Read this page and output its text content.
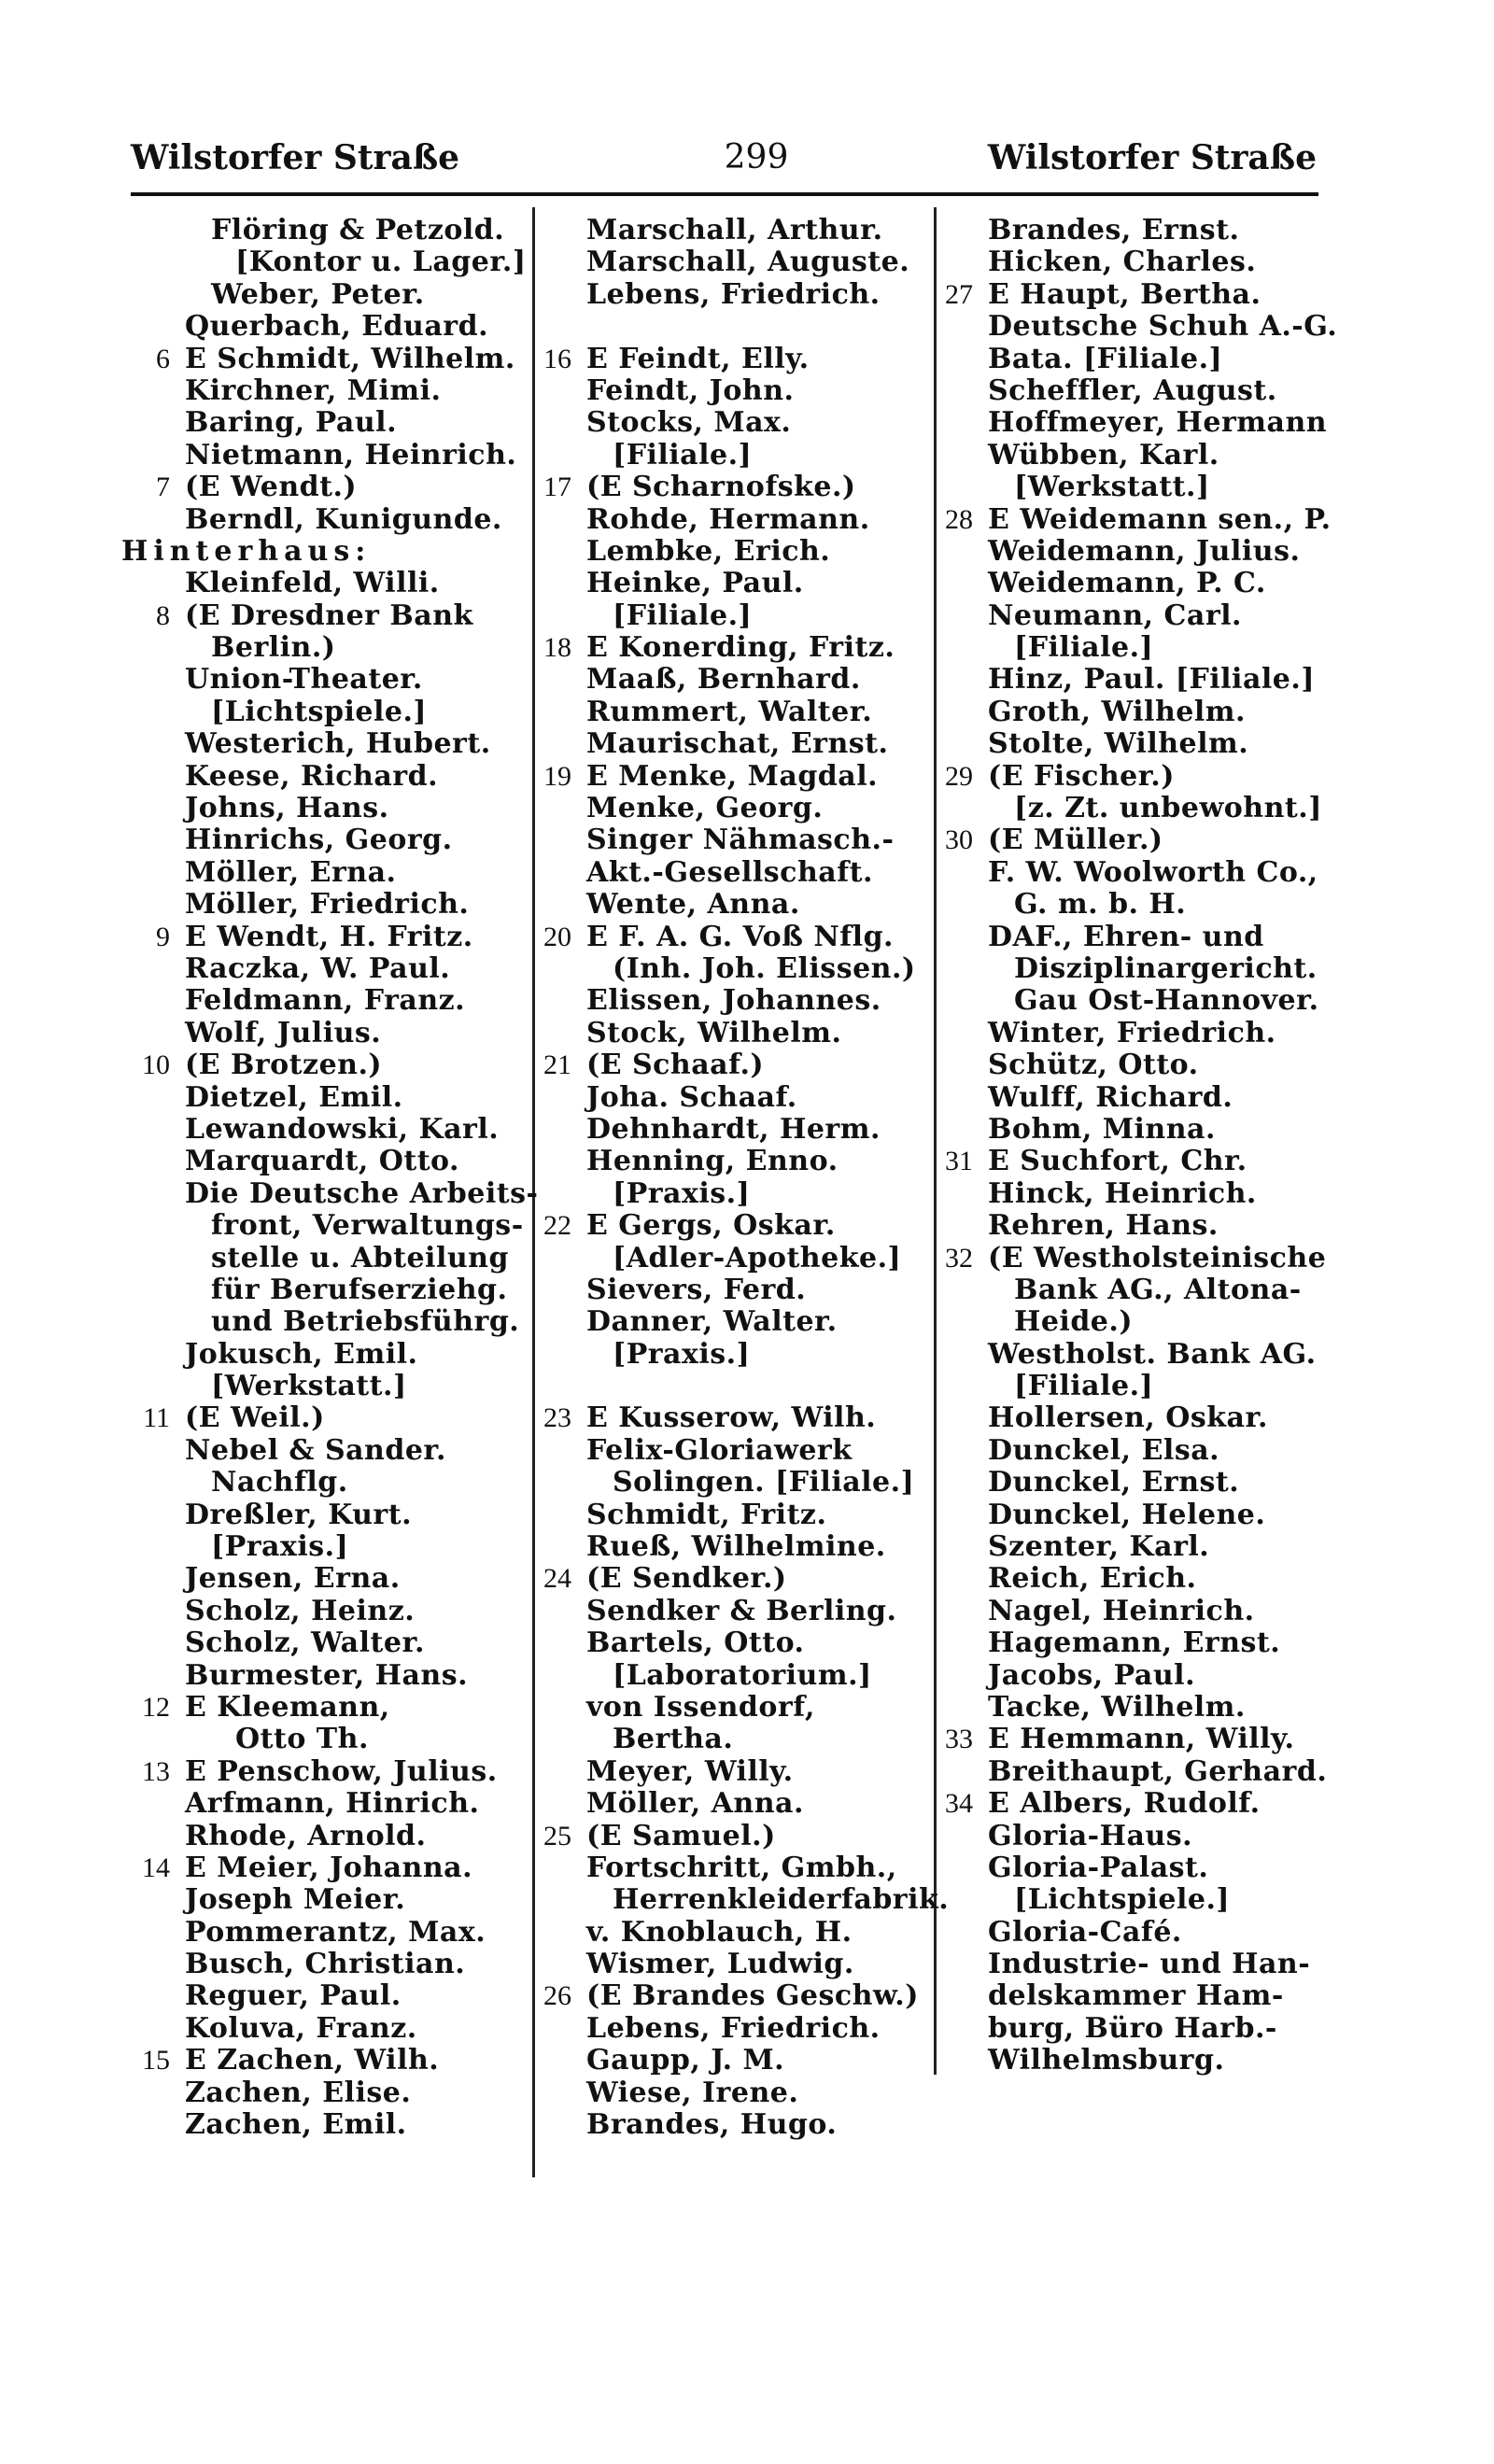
Wilstorfer Straße	299	Wilstorfer Straße
Flöring & Petzold.
[Kontor u. Lager.]
Weber, Peter.
Querbach, Eduard.
6 E Schmidt, Wilhelm.
Kirchner, Mimi.
Baring, Paul.
Nietmann, Heinrich.
7 (E Wendt.)
Berndl, Kunigunde.
Hinterhaus:
Kleinfeld, Willi.
8 (E Dresdner Bank
Berlin.)
Union-Theater.
[Lichtspiele.]
Westerich, Hubert.
Keese, Richard.
Johns, Hans.
Hinrichs, Georg.
Möller, Erna.
Möller, Friedrich.
9 E Wendt, H. Fritz.
Raczka, W. Paul.
Feldmann, Franz.
Wolf, Julius.
10 (E Brotzen.)
Dietzel, Emil.
Lewandowski, Karl.
Marquardt, Otto.
Die Deutsche Arbeits-
front, Verwaltungs-
stelle u. Abteilung
für Berufserziehg.
und Betriebsführg.
Jokusch, Emil.
[Werkstatt.]
11 (E Weil.)
Nebel & Sander.
Nachflg.
Dreßler, Kurt.
[Praxis.]
Jensen, Erna.
Scholz, Heinz.
Scholz, Walter.
Burmester, Hans.
12 E Kleemann,
Otto Th.
13 E Penschow, Julius.
Arfmann, Hinrich.
Rhode, Arnold.
14 E Meier, Johanna.
Joseph Meier.
Pommerantz, Max.
Busch, Christian.
Reguer, Paul.
Koluva, Franz.
15 E Zachen, Wilh.
Zachen, Elise.
Zachen, Emil.
Marschall, Arthur.
Marschall, Auguste.
Lebens, Friedrich.
16 E Feindt, Elly.
Feindt, John.
Stocks, Max.
[Filiale.]
17 (E Scharnofske.)
Rohde, Hermann.
Lembke, Erich.
Heinke, Paul.
[Filiale.]
18 E Konerding, Fritz.
Maaß, Bernhard.
Rummert, Walter.
Maurischat, Ernst.
19 E Menke, Magdal.
Menke, Georg.
Singer Nähmasch.-
Akt.-Gesellschaft.
Wente, Anna.
20 E F. A. G. Voß Nflg.
(Inh. Joh. Elissen.)
Elissen, Johannes.
Stock, Wilhelm.
21 (E Schaaf.)
Joha. Schaaf.
Dehnhardt, Herm.
Henning, Enno.
[Praxis.]
22 E Gergs, Oskar.
[Adler-Apotheke.]
Sievers, Ferd.
Danner, Walter.
[Praxis.]
23 E Kusserow, Wilh.
Felix-Gloriawerk
Solingen. [Filiale.]
Schmidt, Fritz.
Rueß, Wilhelmine.
24 (E Sendker.)
Sendker & Berling.
Bartels, Otto.
[Laboratorium.]
von Issendorf,
Bertha.
Meyer, Willy.
Möller, Anna.
25 (E Samuel.)
Fortschritt, Gmbh.,
Herrenkleiderfabrik.
v. Knoblauch, H.
Wismer, Ludwig.
26 (E Brandes Geschw.)
Lebens, Friedrich.
Gaupp, J. M.
Wiese, Irene.
Brandes, Hugo.
Brandes, Ernst.
Hicken, Charles.
27 E Haupt, Bertha.
Deutsche Schuh A.-G.
Bata. [Filiale.]
Scheffler, August.
Hoffmeyer, Hermann
Wübben, Karl.
[Werkstatt.]
28 E Weidemann sen., P.
Weidemann, Julius.
Weidemann, P. C.
Neumann, Carl.
[Filiale.]
Hinz, Paul. [Filiale.]
Groth, Wilhelm.
Stolte, Wilhelm.
29 (E Fischer.)
[z. Zt. unbewohnt.]
30 (E Müller.)
F. W. Woolworth Co.,
G. m. b. H.
DAF., Ehren- und
Disziplinargericht.
Gau Ost-Hannover.
Winter, Friedrich.
Schütz, Otto.
Wulff, Richard.
Bohm, Minna.
31 E Suchfort, Chr.
Hinck, Heinrich.
Rehren, Hans.
32 (E Westholsteinische
Bank AG., Altona-
Heide.)
Westholst. Bank AG.
[Filiale.]
Hollersen, Oskar.
Dunckel, Elsa.
Dunckel, Ernst.
Dunckel, Helene.
Szenter, Karl.
Reich, Erich.
Nagel, Heinrich.
Hagemann, Ernst.
Jacobs, Paul.
Tacke, Wilhelm.
33 E Hemmann, Willy.
Breithaupt, Gerhard.
34 E Albers, Rudolf.
Gloria-Haus.
Gloria-Palast.
[Lichtspiele.]
Gloria-Café.
Industrie- und Han-
delskammer Ham-
burg, Büro Harb.-
Wilhelmsburg.
